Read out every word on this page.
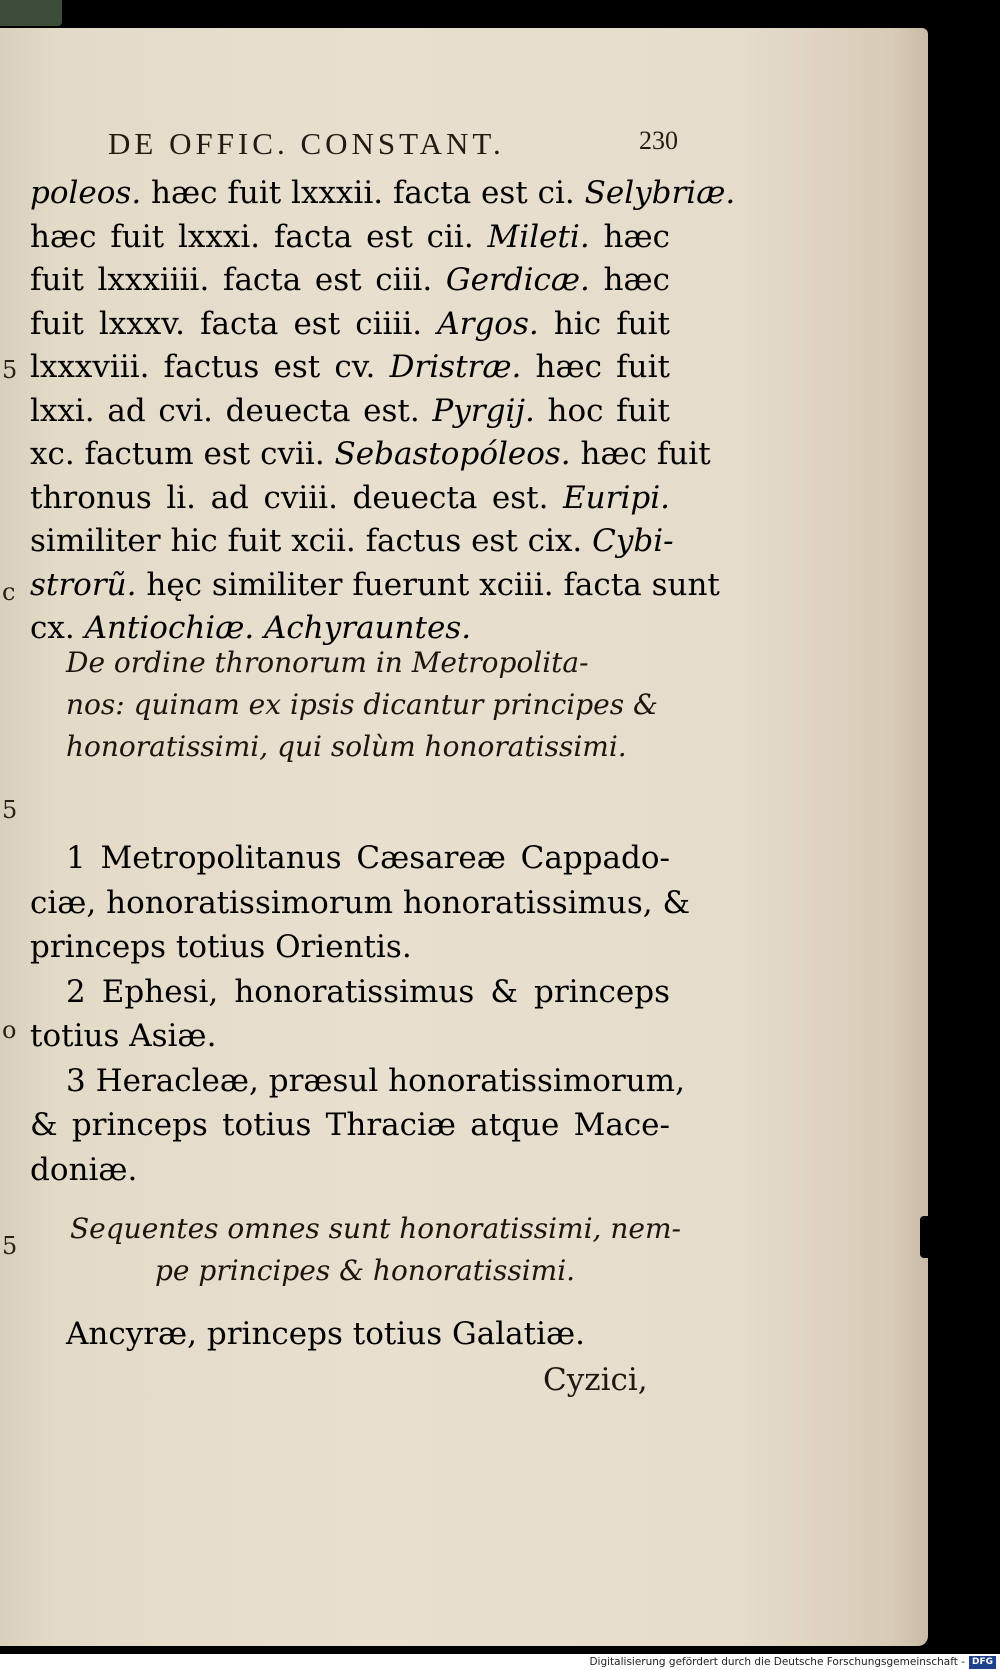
DE OFFIC. CONSTANT.	230
poleos. hæc fuit lxxxii. facta est ci. Selybriæ.
hæc fuit lxxxi. facta est cii. Mileti. hæc
fuit lxxxiiii. facta est ciii. Gerdicæ. hæc
fuit lxxxv. facta est ciiii. Argos. hic fuit
lxxxviii. factus est cv. Dristræ. hæc fuit
lxxi. ad cvi. deuecta est. Pyrgij. hoc fuit
xc. factum est cvii. Sebastopóleos. hæc fuit
thronus li. ad cviii. deuecta est. Euripi.
similiter hic fuit xcii. factus est cix. Cybi-
strorũ. hęc similiter fuerunt xciii. facta sunt
cx. Antiochiæ. Achyrauntes.
De ordine thronorum in Metropolita-
nos: quinam ex ipsis dicantur principes &
honoratissimi, qui solùm honoratissimi.
1 Metropolitanus Cæsareæ Cappado-
ciæ, honoratissimorum honoratissimus, &
princeps totius Orientis.
2 Ephesi, honoratissimus & princeps
totius Asiæ.
3 Heracleæ, præsul honoratissimorum,
& princeps totius Thraciæ atque Mace-
doniæ.
Sequentes omnes sunt honoratissimi, nem-
pe principes & honoratissimi.
Ancyræ, princeps totius Galatiæ.
Cyzici,
5
c
5
o
5
Digitalisierung gefördert durch die Deutsche Forschungsgemeinschaft - DFG
